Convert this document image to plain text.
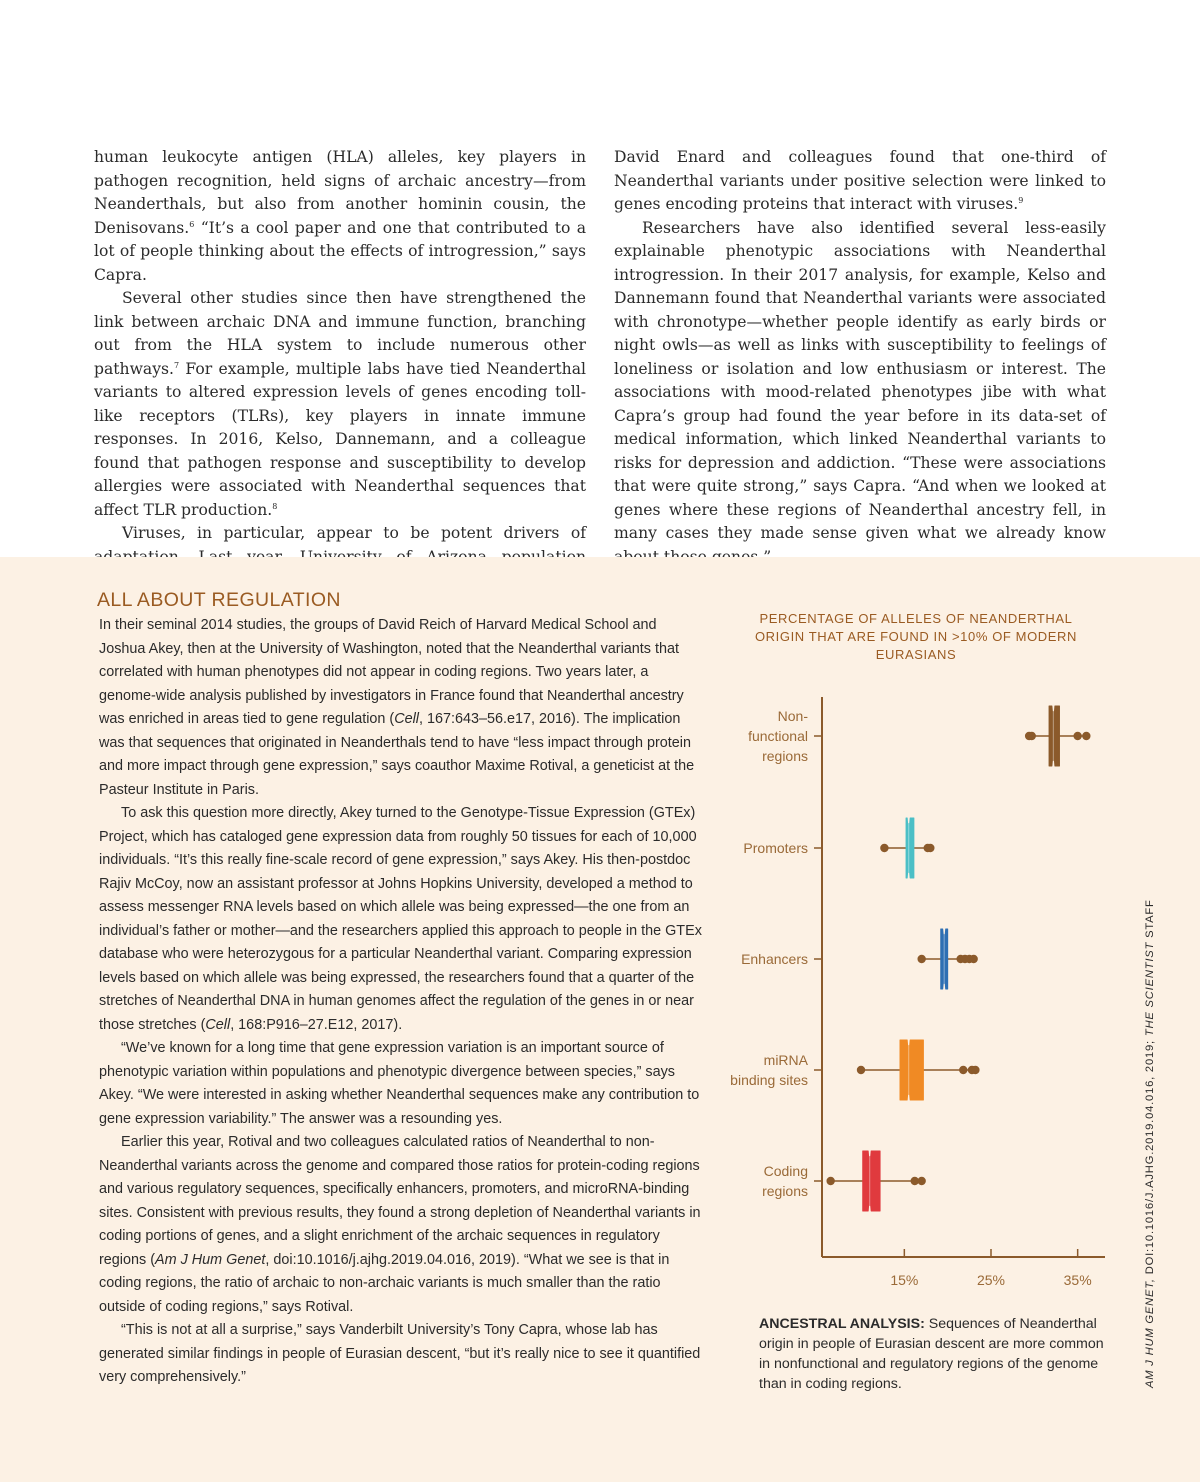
human leukocyte antigen (HLA) alleles, key players in pathogen recognition, held signs of archaic ancestry—from Neanderthals, but also from another hominin cousin, the Denisovans.$^6$ “It’s a cool paper and one that contributed to a lot of people thinking about the effects of introgression,” says Capra.

Several other studies since then have strengthened the link between archaic DNA and immune function, branching out from the HLA system to include numerous other pathways.$^7$ For example, multiple labs have tied Neanderthal variants to altered expression levels of genes encoding toll-like receptors (TLRs), key players in innate immune responses. In 2016, Kelso, Dannemann, and a colleague found that pathogen response and susceptibility to develop allergies were associated with Neanderthal sequences that affect TLR production.$^8$

Viruses, in particular, appear to be potent drivers of

David Enard and colleagues found that one-third of Neanderthal variants under positive selection were linked to genes encoding proteins that interact with viruses.$^9$

Researchers have also identified several less-easily explainable phenotypic associations with Neanderthal introgression. In their 2017 analysis, for example, Kelso and Dannemann found that Neanderthal variants were associated with chronotype—whether people identify as early birds or night owls—as well as links with susceptibility to feelings of loneliness or isolation and low enthusiasm or interest. The associations with mood-related phenotypes jibe with what Capra’s group had found the year before in its data-set of medical information, which linked Neanderthal variants to risks for depression and addiction. “These were associations that were quite strong,” says Capra. “And when we looked at genes where these regions of Neanderthal ancestry fell, in many cases they made sense given what we already know

ALL ABOUT REGULATION

In their seminal 2014 studies, the groups of David Reich of Harvard Medical School and Joshua Akey, then at the University of Washington, noted that the Neanderthal variants that correlated with human phenotypes did not appear in coding regions. Two years later, a genome-wide analysis published by investigators in France found that Neanderthal ancestry was enriched in areas tied to gene regulation (Cell, 167:643–56.e17, 2016). The implication was that sequences that originated in Neanderthals tend to have “less impact through protein and more impact through gene expression,” says coauthor Maxime Rotival, a geneticist at the Pasteur Institute in Paris.

To ask this question more directly, Akey turned to the Genotype-Tissue Expression (GTEx) Project, which has cataloged gene expression data from roughly 50 tissues for each of 10,000 individuals. “It’s this really fine-scale record of gene expression,” says Akey. His then-postdoc Rajiv McCoy, now an assistant professor at Johns Hopkins University, developed a method to assess messenger RNA levels based on which allele was being expressed—the one from an individual’s father or mother—and the researchers applied this approach to people in the GTEx database who were heterozygous for a particular Neanderthal variant. Comparing expression levels based on which allele was being expressed, the researchers found that a quarter of the stretches of Neanderthal DNA in human genomes affect the regulation of the genes in or near those stretches (Cell, 168:P916–27.E12, 2017).

“We’ve known for a long time that gene expression variation is an important source of phenotypic variation within populations and phenotypic divergence between species,” says Akey. “We were interested in asking whether Neanderthal sequences make any contribution to gene expression variability.” The answer was a resounding yes.

Earlier this year, Rotival and two colleagues calculated ratios of Neanderthal to non-Neanderthal variants across the genome and compared those ratios for protein-coding regions and various regulatory sequences, specifically enhancers, promoters, and microRNA-binding sites. Consistent with previous results, they found a strong depletion of Neanderthal variants in coding portions of genes, and a slight enrichment of the archaic sequences in regulatory regions (Am J Hum Genet, doi:10.1016/j.ajhg.2019.04.016, 2019). “What we see is that in coding regions, the ratio of archaic to non-archaic variants is much smaller than the ratio outside of coding regions,” says Rotival.

“This is not at all a surprise,” says Vanderbilt University’s Tony Capra, whose lab has generated similar findings in people of Eurasian descent, “but it’s really nice to see it quantified very comprehensively.”

PERCENTAGE OF ALLELES OF NEANDERTHAL ORIGIN THAT ARE FOUND IN >10% OF MODERN EURASIANS

15%	25%	35%
Non-functional regions
Promoters
Enhancers
miRNA binding sites
Coding regions

ANCESTRAL ANALYSIS: Sequences of Neanderthal origin in people of Eurasian descent are more common in nonfunctional and regulatory regions of the genome than in coding regions.	AM J HUM GENET, DOI:10.1016/J.AJHG.2019.04.016, 2019; THE SCIENTIST STAFF
